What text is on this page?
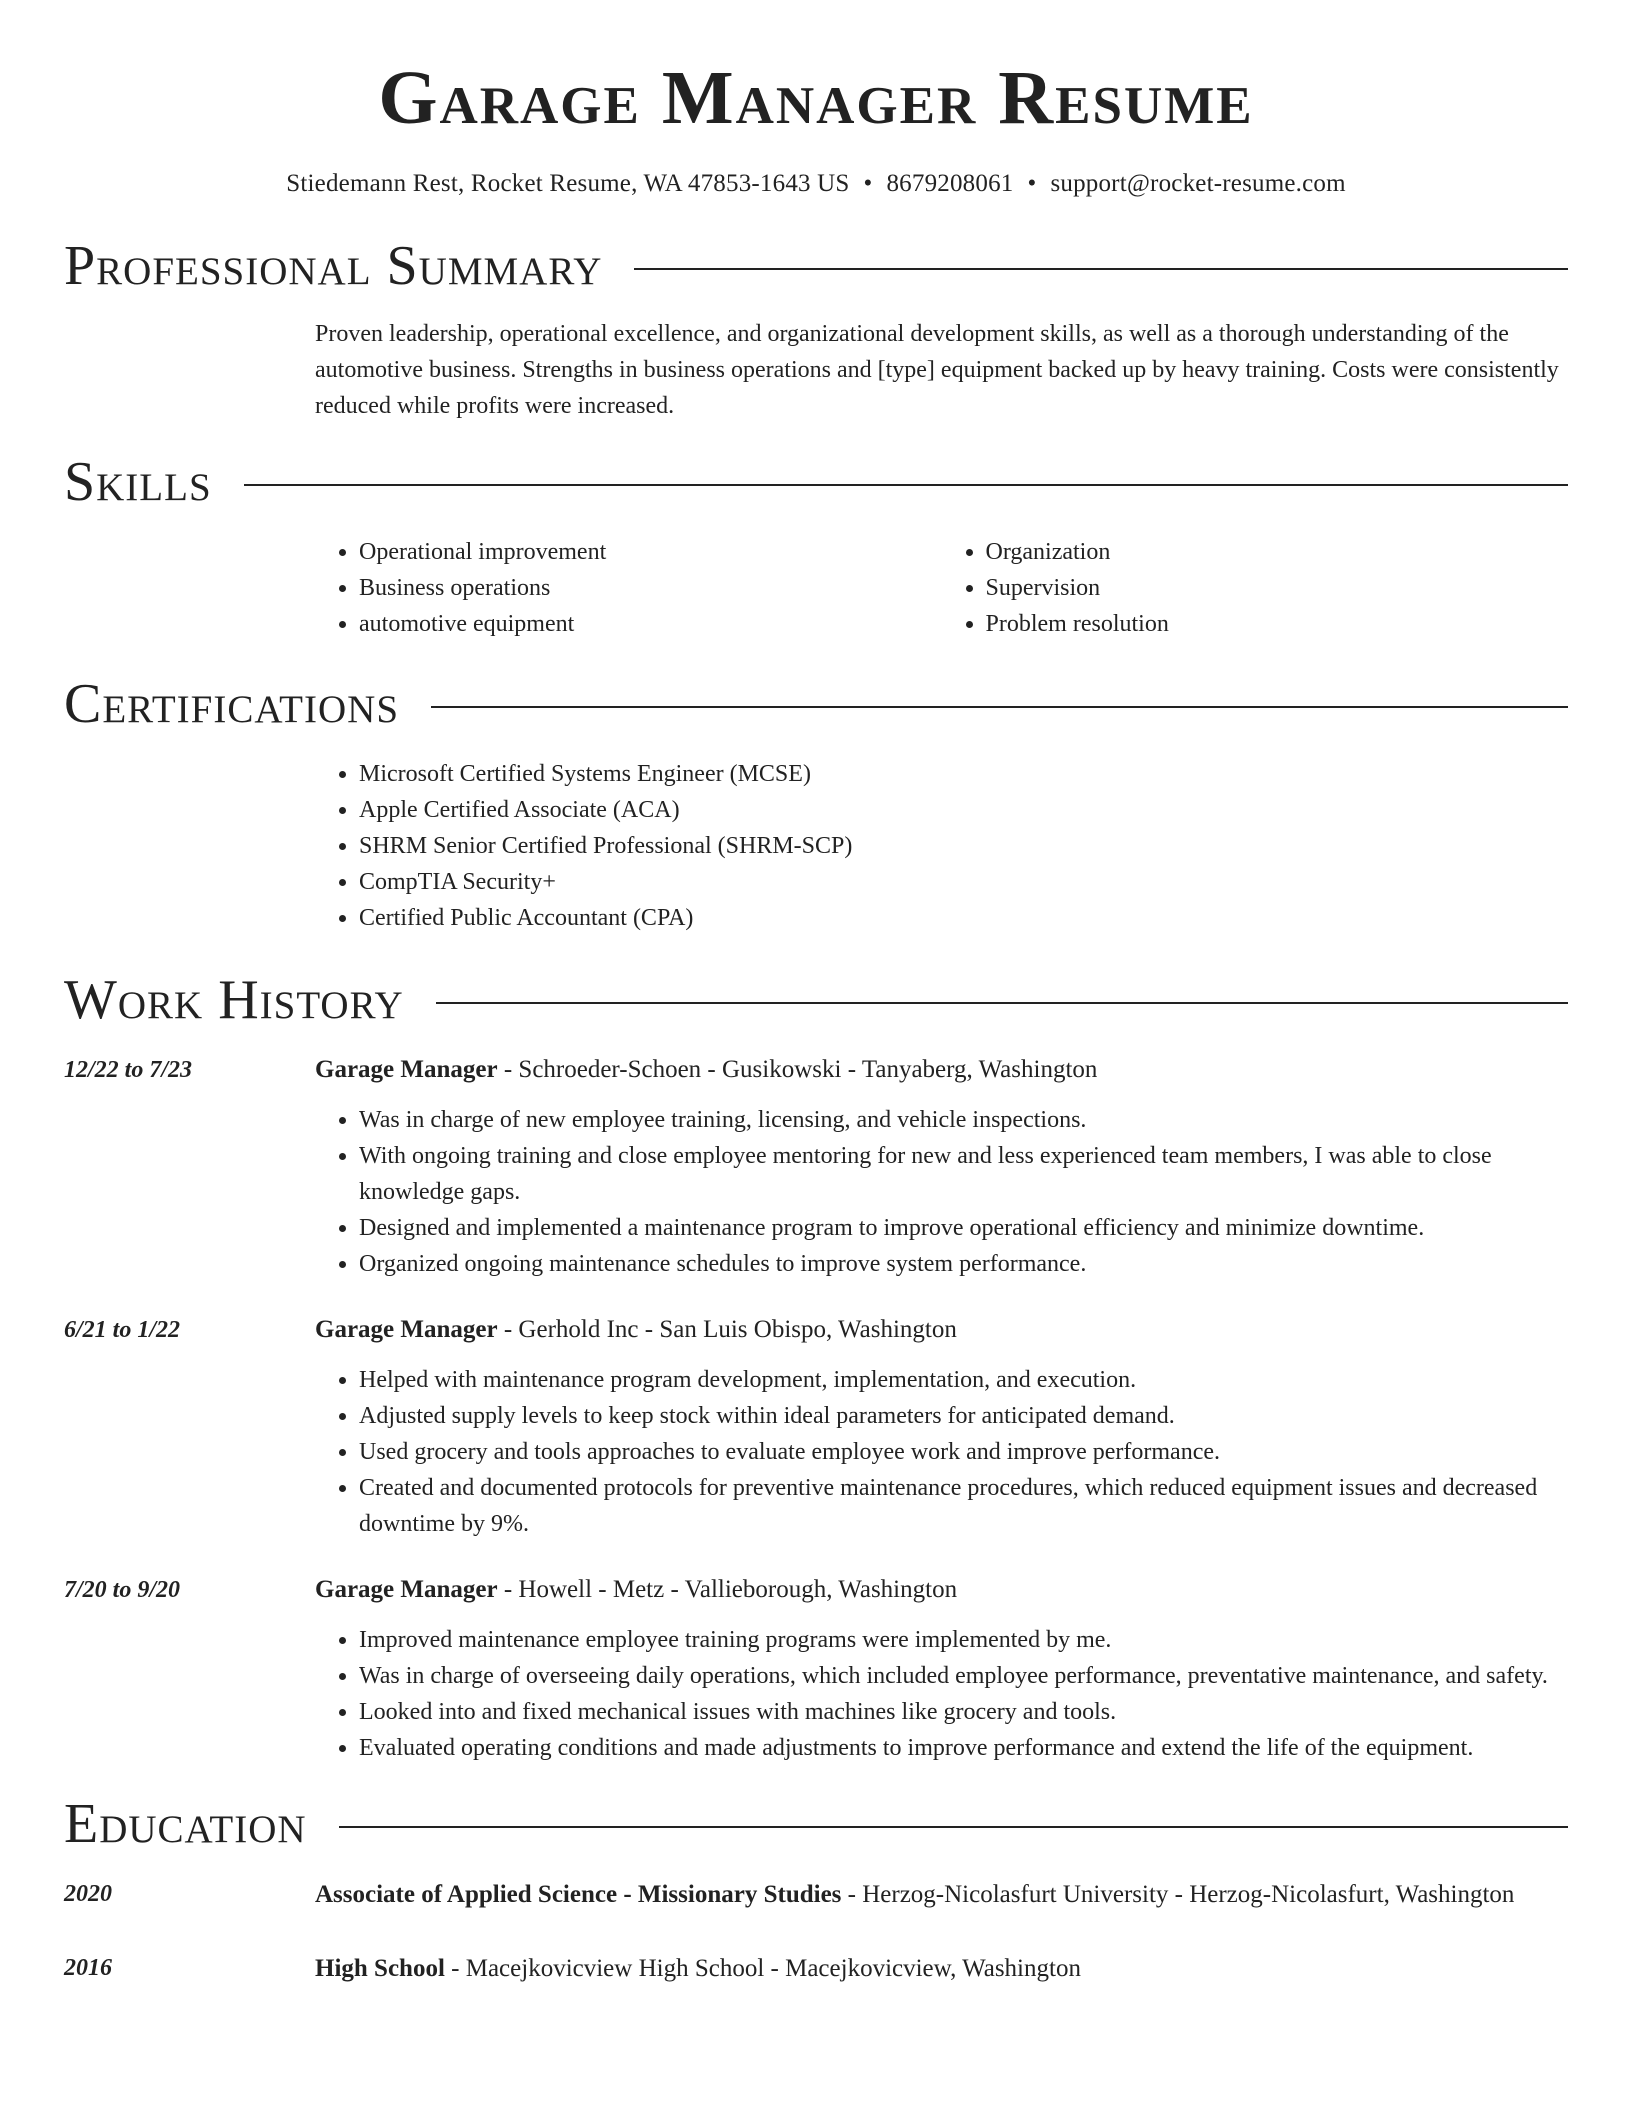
Garage Manager Resume
Stiedemann Rest, Rocket Resume, WA 47853-1643 US • 8679208061 • support@rocket-resume.com
Professional Summary
Proven leadership, operational excellence, and organizational development skills, as well as a thorough understanding of the automotive business. Strengths in business operations and [type] equipment backed up by heavy training. Costs were consistently reduced while profits were increased.
Skills
• Operational improvement
• Business operations
• automotive equipment
• Organization
• Supervision
• Problem resolution
Certifications
• Microsoft Certified Systems Engineer (MCSE)
• Apple Certified Associate (ACA)
• SHRM Senior Certified Professional (SHRM-SCP)
• CompTIA Security+
• Certified Public Accountant (CPA)
Work History
12/22 to 7/23	Garage Manager - Schroeder-Schoen - Gusikowski - Tanyaberg, Washington
• Was in charge of new employee training, licensing, and vehicle inspections.
• With ongoing training and close employee mentoring for new and less experienced team members, I was able to close knowledge gaps.
• Designed and implemented a maintenance program to improve operational efficiency and minimize downtime.
• Organized ongoing maintenance schedules to improve system performance.
6/21 to 1/22	Garage Manager - Gerhold Inc - San Luis Obispo, Washington
• Helped with maintenance program development, implementation, and execution.
• Adjusted supply levels to keep stock within ideal parameters for anticipated demand.
• Used grocery and tools approaches to evaluate employee work and improve performance.
• Created and documented protocols for preventive maintenance procedures, which reduced equipment issues and decreased downtime by 9%.
7/20 to 9/20	Garage Manager - Howell - Metz - Vallieborough, Washington
• Improved maintenance employee training programs were implemented by me.
• Was in charge of overseeing daily operations, which included employee performance, preventative maintenance, and safety.
• Looked into and fixed mechanical issues with machines like grocery and tools.
• Evaluated operating conditions and made adjustments to improve performance and extend the life of the equipment.
Education
2020	Associate of Applied Science - Missionary Studies - Herzog-Nicolasfurt University - Herzog-Nicolasfurt, Washington
2016	High School - Macejkovicview High School - Macejkovicview, Washington
